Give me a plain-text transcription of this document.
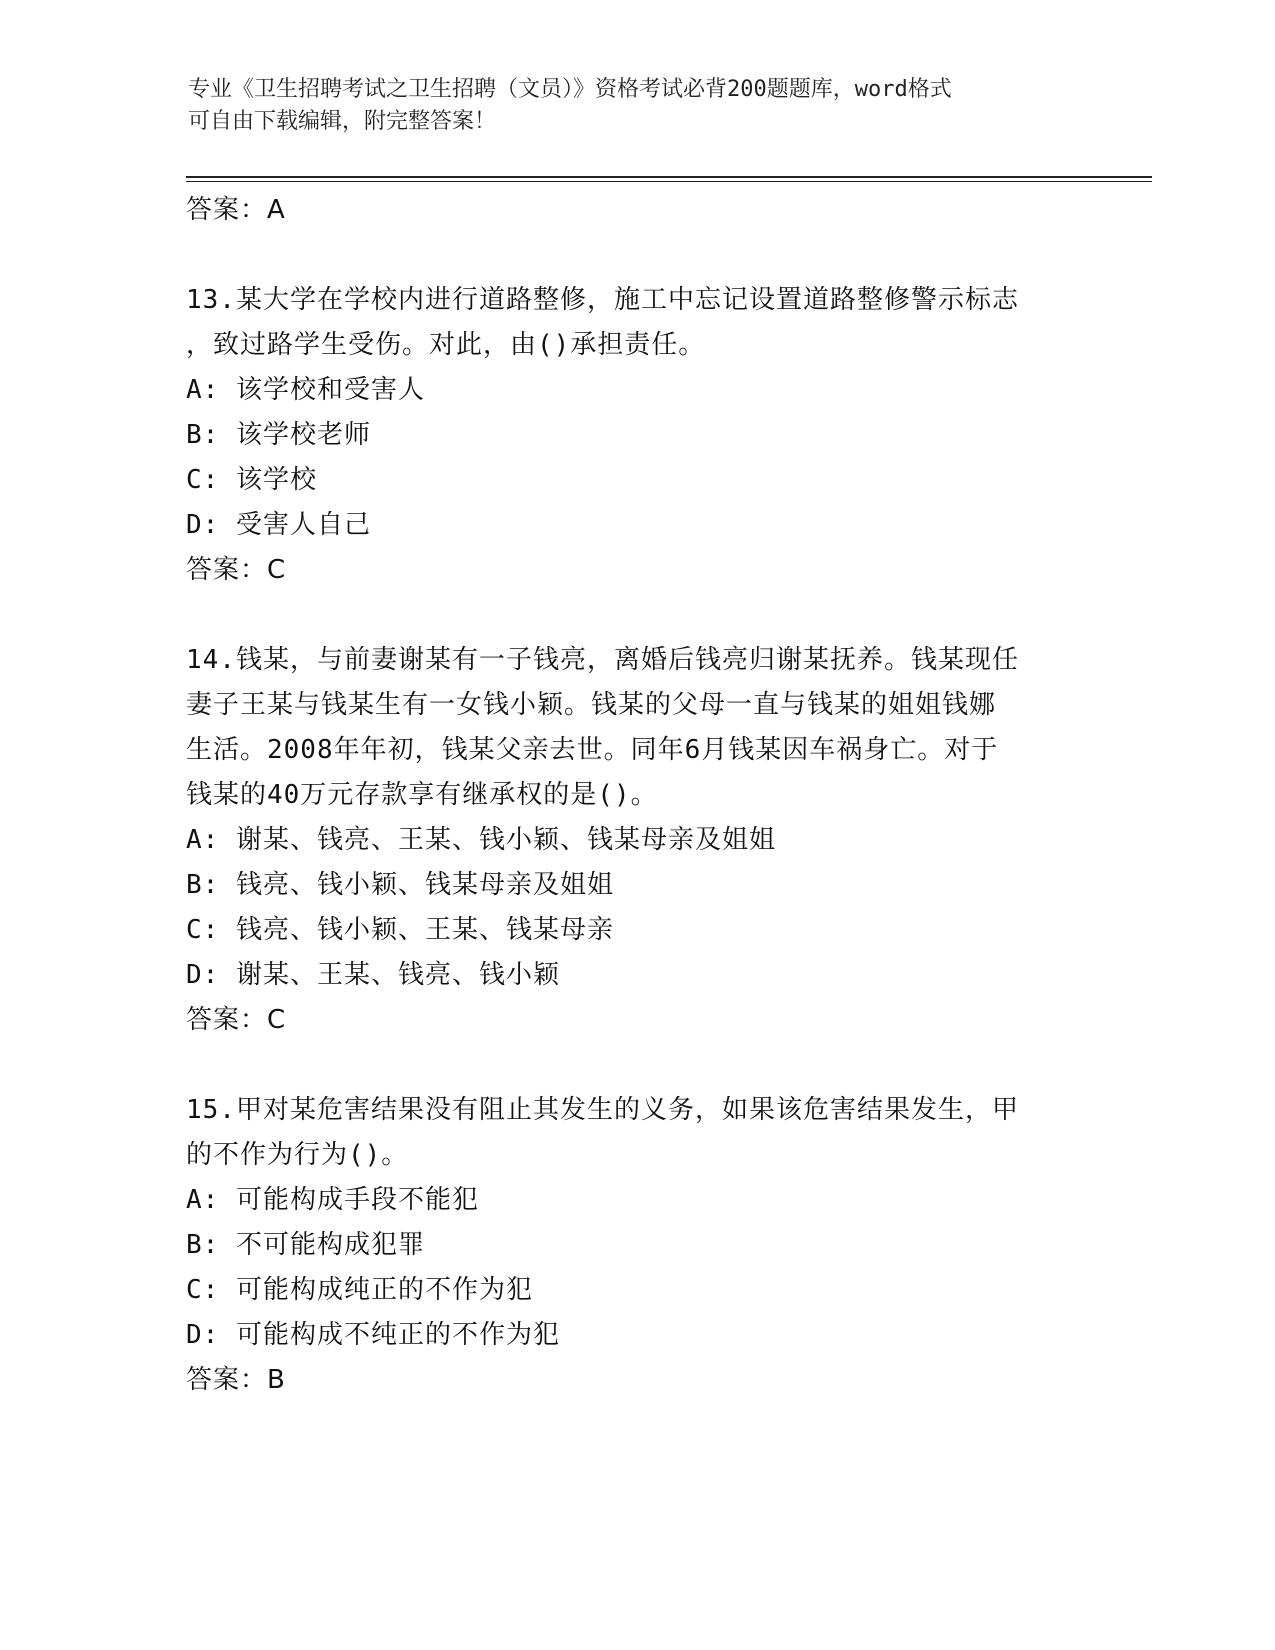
专业《卫生招聘考试之卫生招聘（文员）》资格考试必背200题题库，word格式
可自由下载编辑，附完整答案！
答案：A
13.某大学在学校内进行道路整修，施工中忘记设置道路整修警示标志
，致过路学生受伤。对此，由()承担责任。
A: 该学校和受害人
B: 该学校老师
C: 该学校
D: 受害人自己
答案：C
14.钱某，与前妻谢某有一子钱亮，离婚后钱亮归谢某抚养。钱某现任
妻子王某与钱某生有一女钱小颖。钱某的父母一直与钱某的姐姐钱娜
生活。2008年年初，钱某父亲去世。同年6月钱某因车祸身亡。对于
钱某的40万元存款享有继承权的是()。
A: 谢某、钱亮、王某、钱小颖、钱某母亲及姐姐
B: 钱亮、钱小颖、钱某母亲及姐姐
C: 钱亮、钱小颖、王某、钱某母亲
D: 谢某、王某、钱亮、钱小颖
答案：C
15.甲对某危害结果没有阻止其发生的义务，如果该危害结果发生，甲
的不作为行为()。
A: 可能构成手段不能犯
B: 不可能构成犯罪
C: 可能构成纯正的不作为犯
D: 可能构成不纯正的不作为犯
答案：B
